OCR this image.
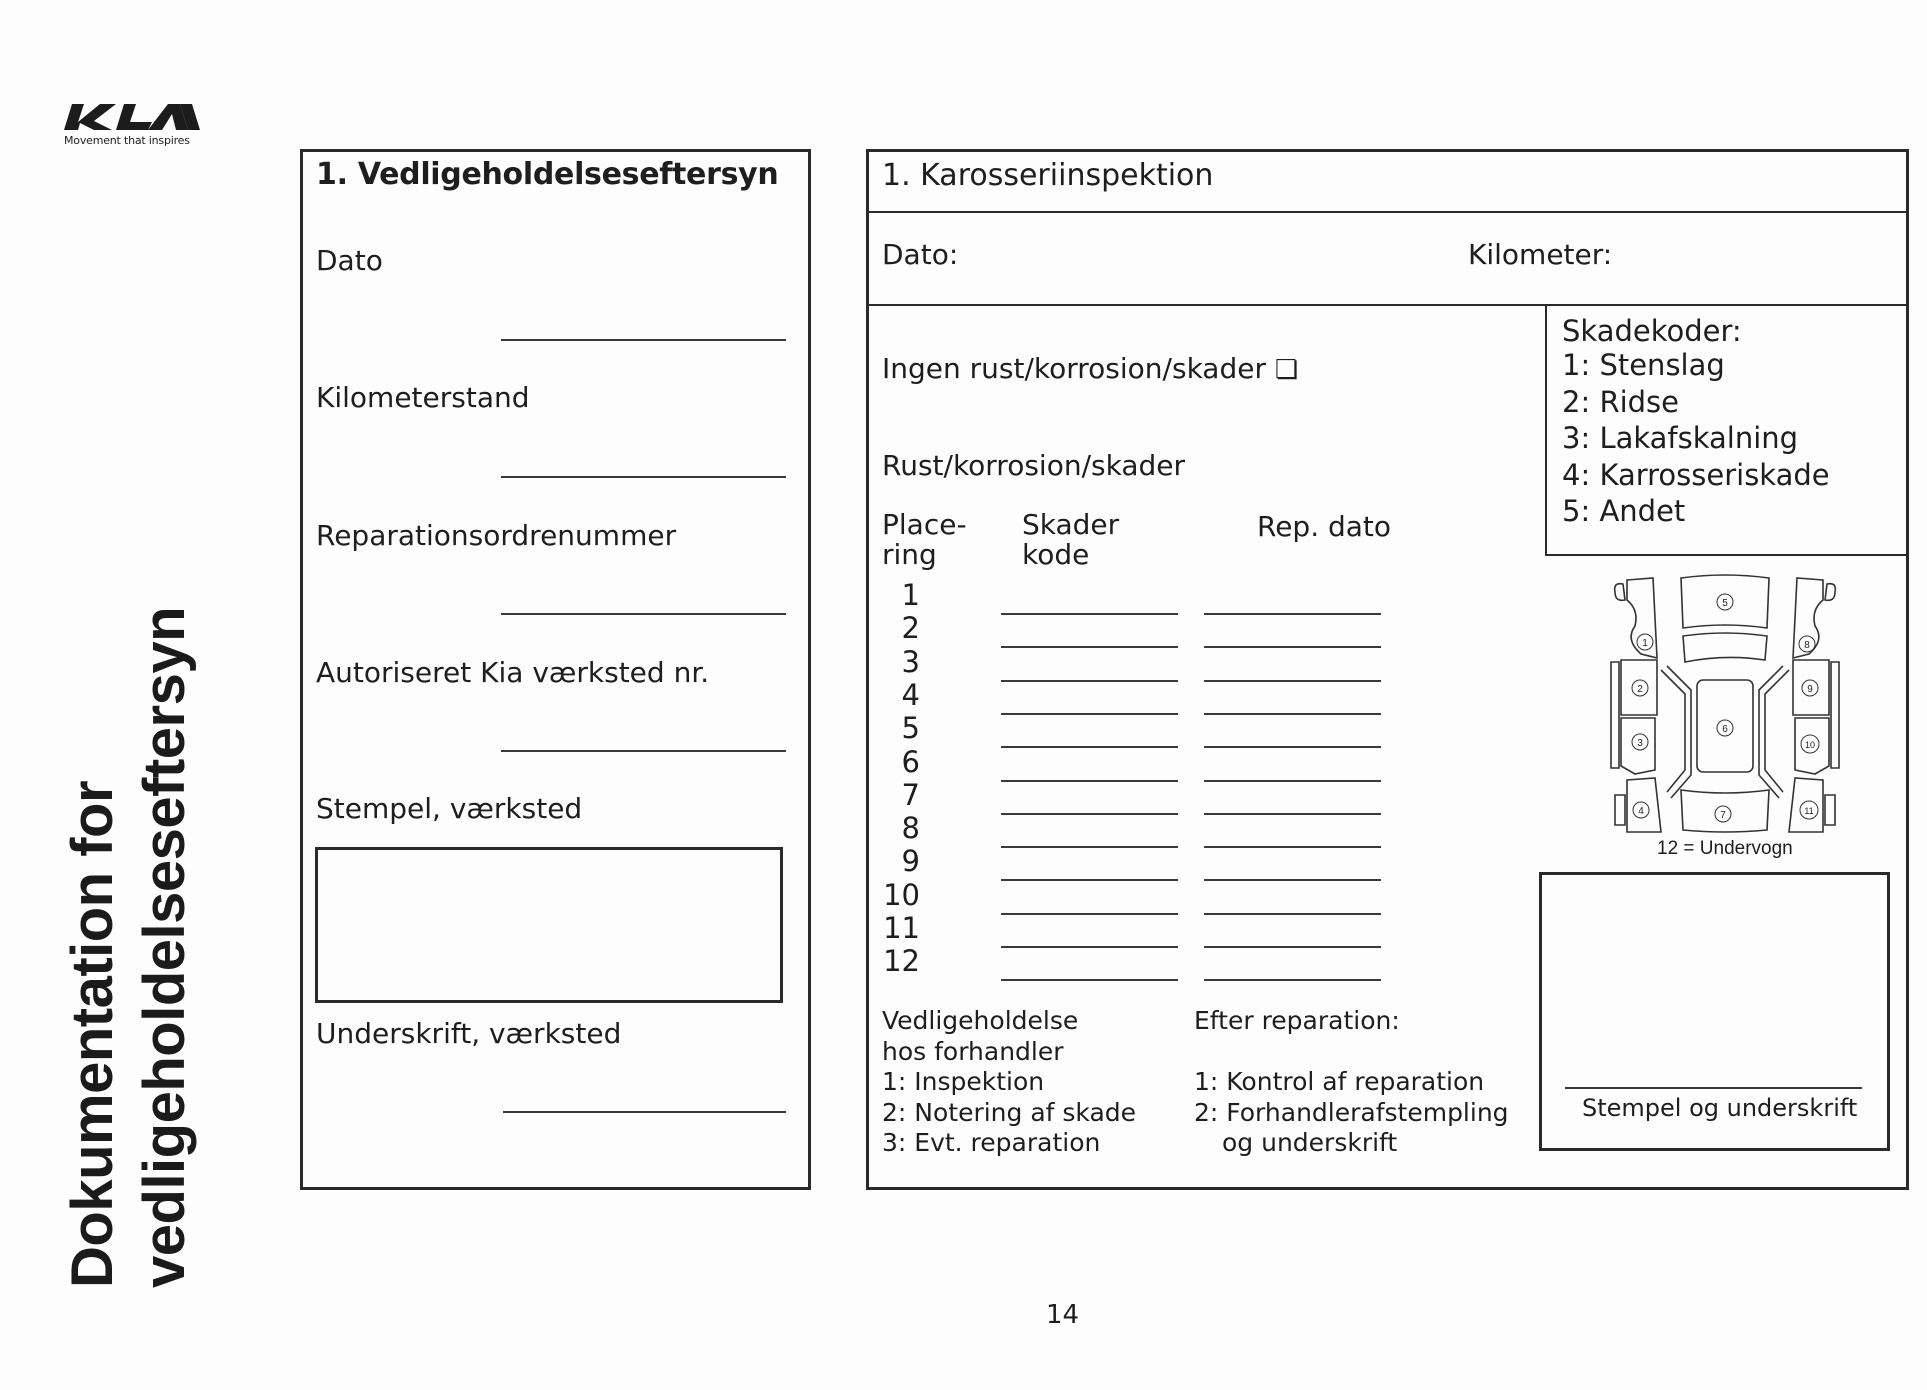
Movement that inspires
Dokumentation for vedligeholdelseseftersyn
1. Vedligeholdelseseftersyn
Dato
Kilometerstand
Reparationsordrenummer
Autoriseret Kia værksted nr.
Stempel, værksted
Underskrift, værksted
1. Karosseriinspektion
Dato:	Kilometer:
Ingen rust/korrosion/skader ❏
Rust/korrosion/skader
Place-
ring
Skader
kode
Rep. dato
1
2
3
4
5
6
7
8
9
10
11
12
Skadekoder:
1: Stenslag
2: Ridse
3: Lakafskalning
4: Karrosseriskade
5: Andet
1
2
3
4
5
6
7
8
9
10
11
12 = Undervogn
Vedligeholdelse
hos forhandler
1: Inspektion
2: Notering af skade
3: Evt. reparation
Efter reparation:
1: Kontrol af reparation
2: Forhandlerafstempling
og underskrift
Stempel og underskrift
14
